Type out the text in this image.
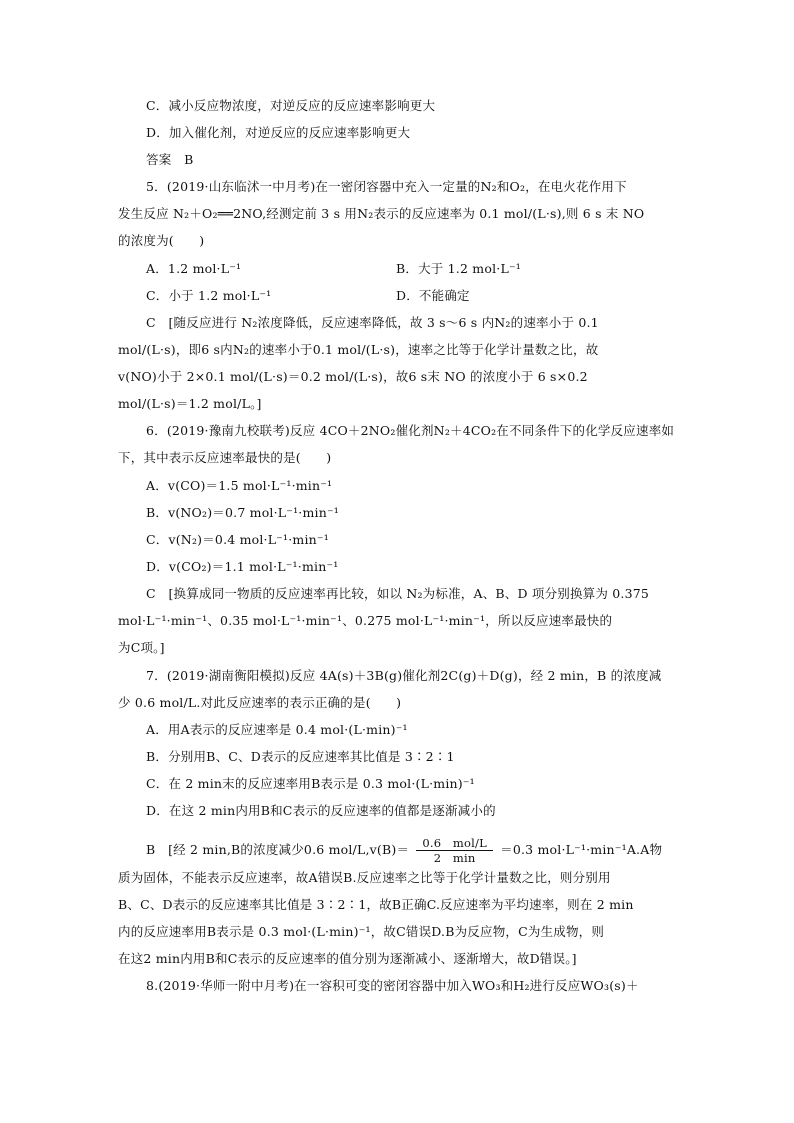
C．减小反应物浓度，对逆反应的反应速率影响更大
D．加入催化剂，对逆反应的反应速率影响更大
答案　B
5．(2019·山东临沭一中月考)在一密闭容器中充入一定量的N₂和O₂，在电火花作用下
发生反应 N₂＋O₂══2NO,经测定前 3 s 用N₂表示的反应速率为 0.1 mol/(L·s),则 6 s 末 NO
的浓度为(　　)
A．1.2 mol·L⁻¹
C．小于 1.2 mol·L⁻¹
C　[随反应进行 N₂浓度降低，反应速率降低，故 3 s～6 s 内N₂的速率小于 0.1
mol/(L·s)，即6 s内N₂的速率小于0.1 mol/(L·s)，速率之比等于化学计量数之比，故
v(NO)小于 2×0.1 mol/(L·s)＝0.2 mol/(L·s)，故6 s末 NO 的浓度小于 6 s×0.2
mol/(L·s)＝1.2 mol/L。]
6．(2019·豫南九校联考)反应 4CO＋2NO₂催化剂N₂＋4CO₂在不同条件下的化学反应速率如
下，其中表示反应速率最快的是(　　)
A．v(CO)＝1.5 mol·L⁻¹·min⁻¹
B．v(NO₂)＝0.7 mol·L⁻¹·min⁻¹
C．v(N₂)＝0.4 mol·L⁻¹·min⁻¹
D．v(CO₂)＝1.1 mol·L⁻¹·min⁻¹
C　[换算成同一物质的反应速率再比较，如以 N₂为标准，A、B、D 项分别换算为 0.375
mol·L⁻¹·min⁻¹、0.35 mol·L⁻¹·min⁻¹、0.275 mol·L⁻¹·min⁻¹，所以反应速率最快的
为C项。]
7．(2019·湖南衡阳模拟)反应 4A(s)＋3B(g)催化剂2C(g)＋D(g)，经 2 min，B 的浓度减
少 0.6 mol/L.对此反应速率的表示正确的是(　　)
A．用A表示的反应速率是 0.4 mol·(L·min)⁻¹
B．分别用B、C、D表示的反应速率其比值是 3∶2∶1
C．在 2 min末的反应速率用B表示是 0.3 mol·(L·min)⁻¹
D．在这 2 min内用B和C表示的反应速率的值都是逐渐减小的
质为固体，不能表示反应速率，故A错误B.反应速率之比等于化学计量数之比，则分别用
B、C、D表示的反应速率其比值是 3∶2∶1，故B正确C.反应速率为平均速率，则在 2 min
内的反应速率用B表示是 0.3 mol·(L·min)⁻¹，故C错误D.B为反应物，C为生成物，则
在这2 min内用B和C表示的反应速率的值分别为逐渐减小、逐渐增大，故D错误。]
8.(2019·华师一附中月考)在一容积可变的密闭容器中加入WO₃和H₂进行反应WO₃(s)＋
B．大于 1.2 mol·L⁻¹
D．不能确定
B　[经 2 min,B的浓度减少0.6 $mol/L,v(B)= \frac{\text{0.6　mol/L}}{2 \min} =0.3$ mol·L⁻¹·min⁻¹A.A物
